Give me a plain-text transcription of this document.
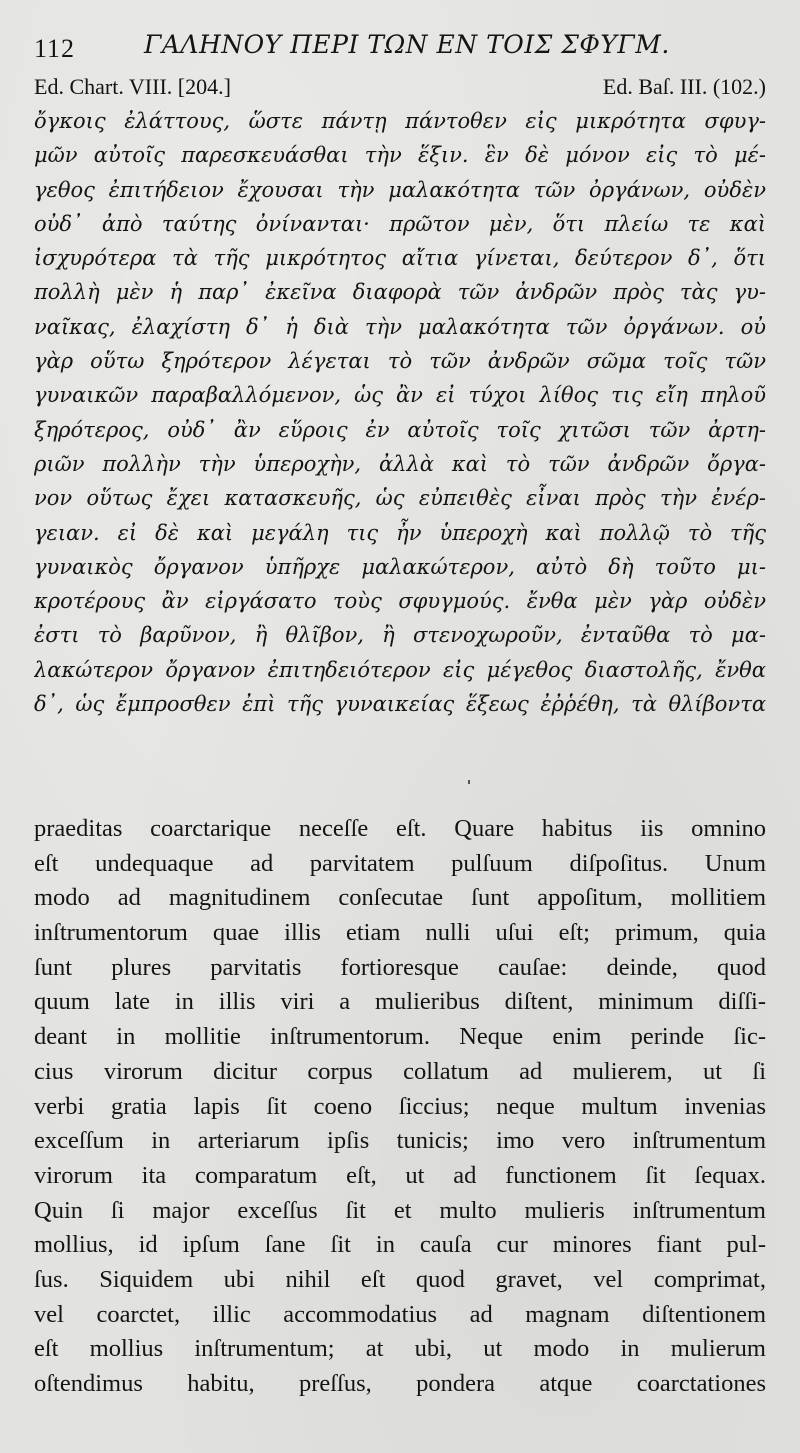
112	ΓΑΛΗΝΟΥ ΠΕΡΙ ΤΩΝ ΕΝ ΤΟΙΣ ΣΦΥΓΜ.
Ed. Chart. VIII. [204.]	Ed. Baſ. III. (102.)
ὄγκοις ἐλάττους, ὥστε πάντῃ πάντοθεν εἰς μικρότητα σφυγ-
μῶν αὐτοῖς παρεσκευάσθαι τὴν ἕξιν. ἓν δὲ μόνον εἰς τὸ μέ-
γεθος ἐπιτήδειον ἔχουσαι τὴν μαλακότητα τῶν ὀργάνων, οὐδὲν
οὐδ᾽ ἀπὸ ταύτης ὀνίνανται· πρῶτον μὲν, ὅτι πλείω τε καὶ
ἰσχυρότερα τὰ τῆς μικρότητος αἴτια γίνεται, δεύτερον δ᾽, ὅτι
πολλὴ μὲν ἡ παρ᾽ ἐκεῖνα διαφορὰ τῶν ἀνδρῶν πρὸς τὰς γυ-
ναῖκας, ἐλαχίστη δ᾽ ἡ διὰ τὴν μαλακότητα τῶν ὀργάνων. οὐ
γὰρ οὕτω ξηρότερον λέγεται τὸ τῶν ἀνδρῶν σῶμα τοῖς τῶν
γυναικῶν παραβαλλόμενον, ὡς ἂν εἰ τύχοι λίθος τις εἴη πηλοῦ
ξηρότερος, οὐδ᾽ ἂν εὕροις ἐν αὐτοῖς τοῖς χιτῶσι τῶν ἀρτη-
ριῶν πολλὴν τὴν ὑπεροχὴν, ἀλλὰ καὶ τὸ τῶν ἀνδρῶν ὄργα-
νον οὕτως ἔχει κατασκευῆς, ὡς εὐπειθὲς εἶναι πρὸς τὴν ἐνέρ-
γειαν. εἰ δὲ καὶ μεγάλη τις ἦν ὑπεροχὴ καὶ πολλῷ τὸ τῆς
γυναικὸς ὄργανον ὑπῆρχε μαλακώτερον, αὐτὸ δὴ τοῦτο μι-
κροτέρους ἂν εἰργάσατο τοὺς σφυγμούς. ἔνθα μὲν γὰρ οὐδὲν
ἐστι τὸ βαρῦνον, ἢ θλῖβον, ἢ στενοχωροῦν, ἐνταῦθα τὸ μα-
λακώτερον ὄργανον ἐπιτηδειότερον εἰς μέγεθος διαστολῆς, ἔνθα
δ᾽, ὡς ἔμπροσθεν ἐπὶ τῆς γυναικείας ἕξεως ἐῤῥέθη, τὰ θλίβοντα
praeditas coarctarique neceſſe eſt. Quare habitus iis omnino
eſt undequaque ad parvitatem pulſuum diſpoſitus. Unum
modo ad magnitudinem conſecutae ſunt appoſitum, mollitiem
inſtrumentorum quae illis etiam nulli uſui eſt; primum, quia
ſunt plures parvitatis fortioresque cauſae: deinde, quod
quum late in illis viri a mulieribus diſtent, minimum diſſi-
deant in mollitie inſtrumentorum. Neque enim perinde ſic-
cius virorum dicitur corpus collatum ad mulierem, ut ſi
verbi gratia lapis ſit coeno ſiccius; neque multum invenias
exceſſum in arteriarum ipſis tunicis; imo vero inſtrumentum
virorum ita comparatum eſt, ut ad functionem ſit ſequax.
Quin ſi major exceſſus ſit et multo mulieris inſtrumentum
mollius, id ipſum ſane ſit in cauſa cur minores fiant pul-
ſus. Siquidem ubi nihil eſt quod gravet, vel comprimat,
vel coarctet, illic accommodatius ad magnam diſtentionem
eſt mollius inſtrumentum; at ubi, ut modo in mulierum
oſtendimus habitu, preſſus, pondera atque coarctationes
